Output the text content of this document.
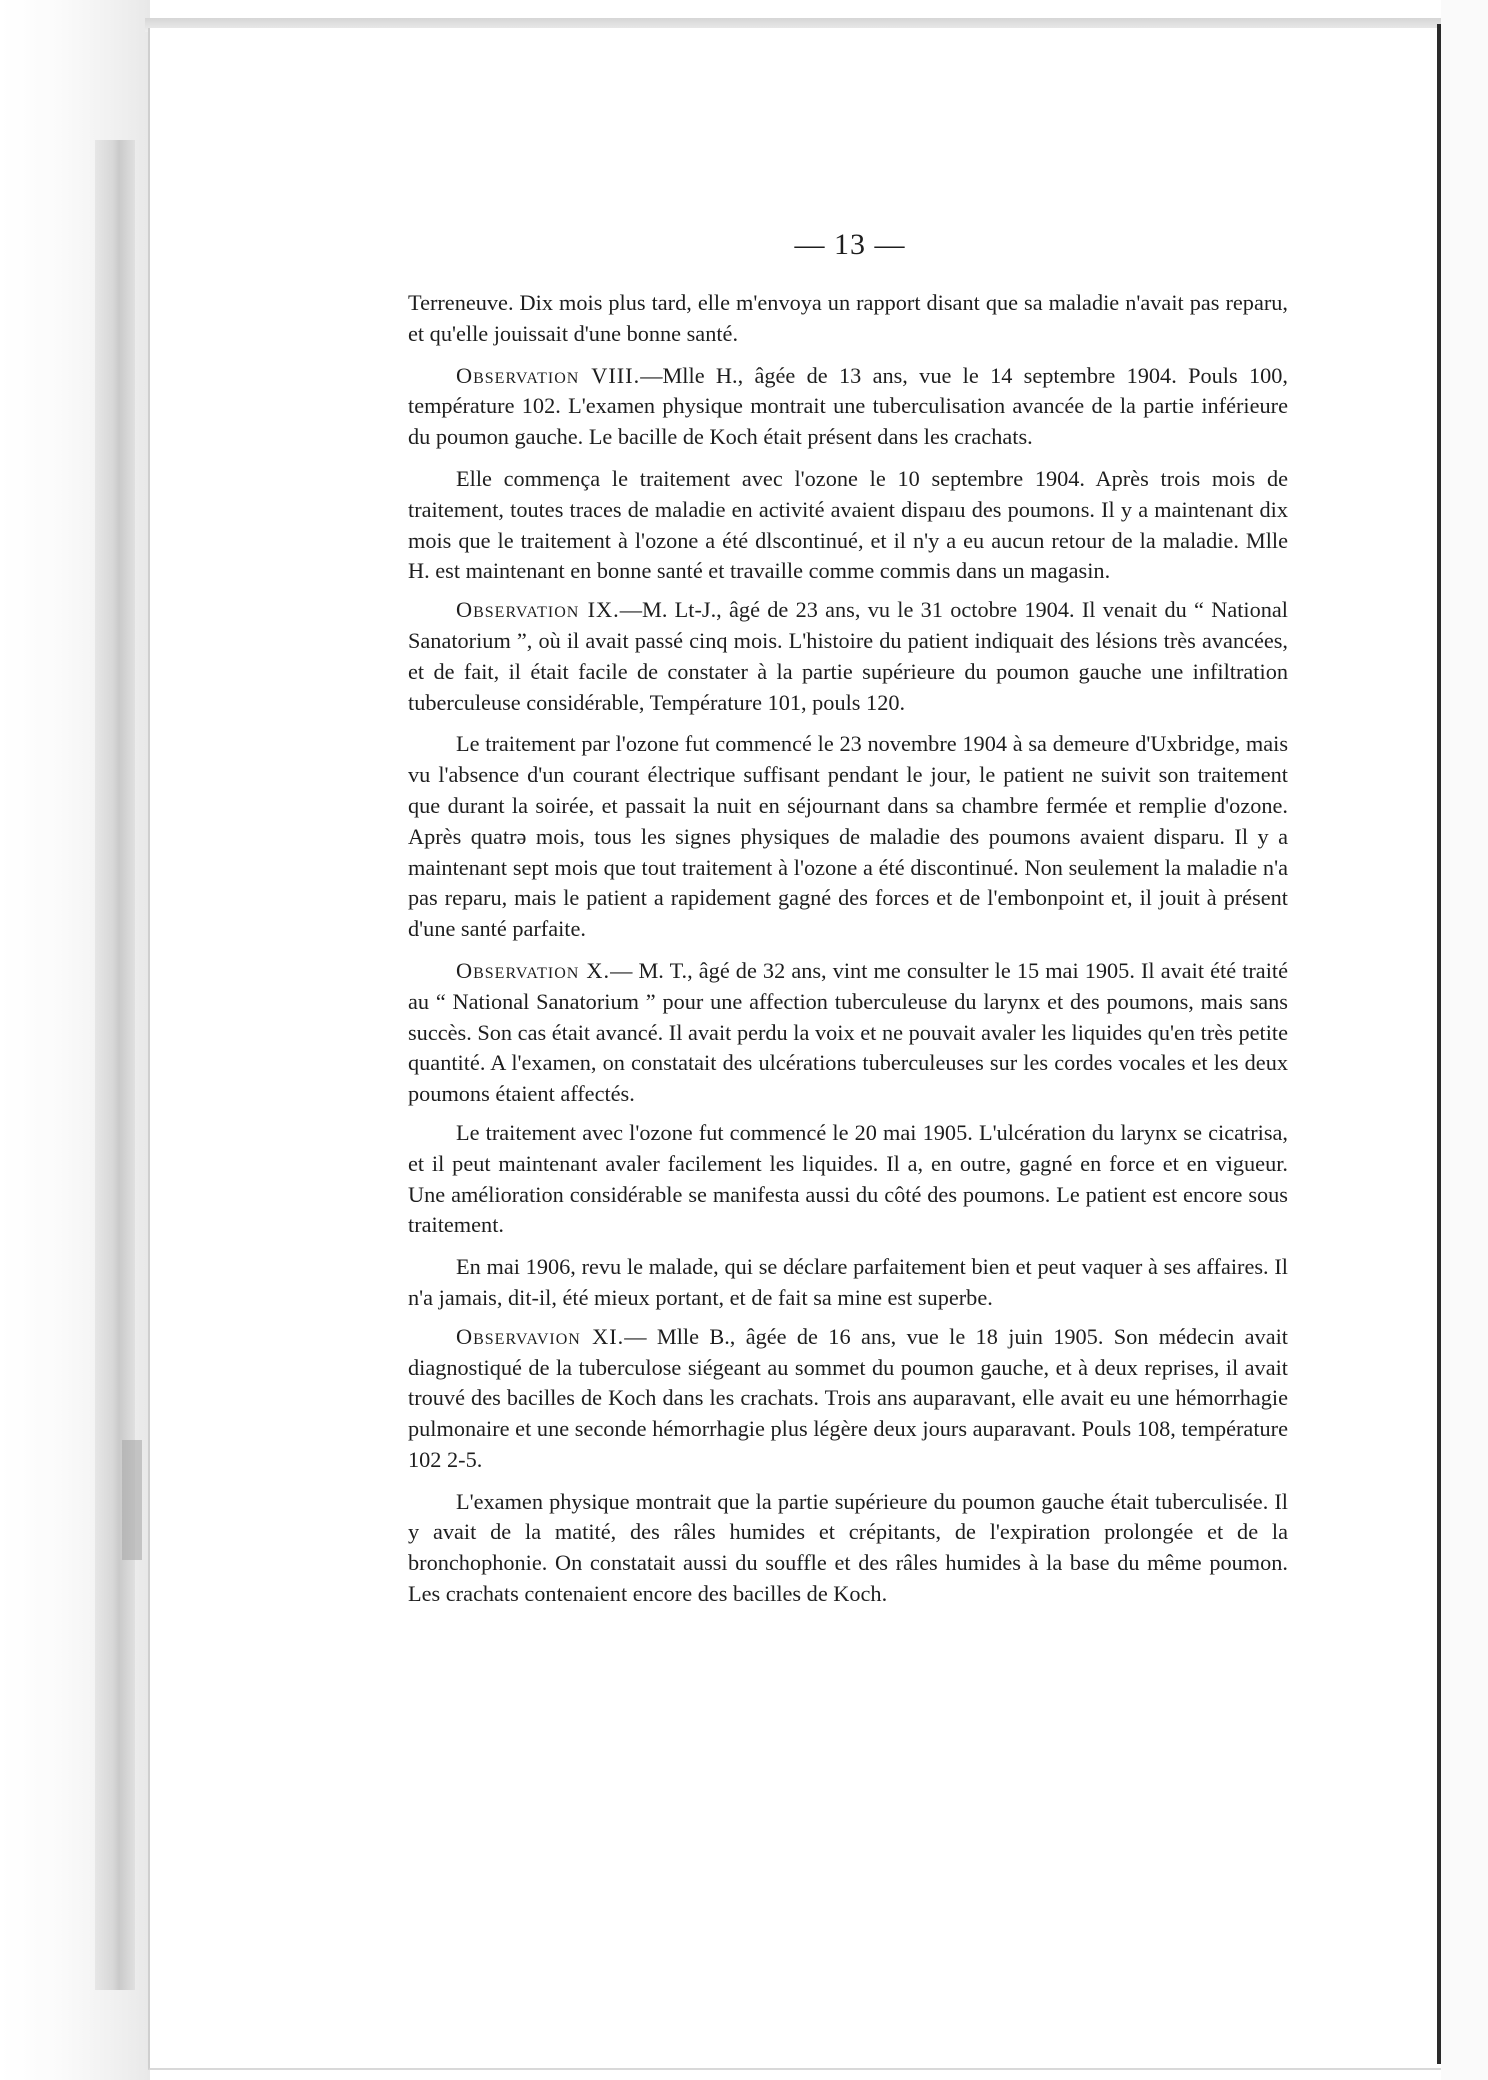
— 13 —

Terreneuve. Dix mois plus tard, elle m'envoya un rapport disant que sa maladie n'avait pas reparu, et qu'elle jouissait d'une bonne santé.

Observation VIII.—Mlle H., âgée de 13 ans, vue le 14 septembre 1904. Pouls 100, température 102. L'examen physique montrait une tuberculisation avancée de la partie inférieure du poumon gauche. Le bacille de Koch était présent dans les crachats.

Elle commença le traitement avec l'ozone le 10 septembre 1904. Après trois mois de traitement, toutes traces de maladie en activité avaient dispaıu des poumons. Il y a maintenant dix mois que le traitement à l'ozone a été dlscontinué, et il n'y a eu aucun retour de la maladie. Mlle H. est maintenant en bonne santé et travaille comme commis dans un magasin.

Observation IX.—M. Lt-J., âgé de 23 ans, vu le 31 octobre 1904. Il venait du “ National Sanatorium ”, où il avait passé cinq mois. L'histoire du patient indiquait des lésions très avancées, et de fait, il était facile de constater à la partie supérieure du poumon gauche une infiltration tuberculeuse considérable, Température 101, pouls 120.

Le traitement par l'ozone fut commencé le 23 novembre 1904 à sa demeure d'Uxbridge, mais vu l'absence d'un courant électrique suffisant pendant le jour, le patient ne suivit son traitement que durant la soirée, et passait la nuit en séjournant dans sa chambre fermée et remplie d'ozone. Après quatrə mois, tous les signes physiques de maladie des poumons avaient disparu. Il y a maintenant sept mois que tout traitement à l'ozone a été discontinué. Non seulement la maladie n'a pas reparu, mais le patient a rapidement gagné des forces et de l'embonpoint et, il jouit à présent d'une santé parfaite.

Observation X.— M. T., âgé de 32 ans, vint me consulter le 15 mai 1905. Il avait été traité au “ National Sanatorium ” pour une affection tuberculeuse du larynx et des poumons, mais sans succès. Son cas était avancé. Il avait perdu la voix et ne pouvait avaler les liquides qu'en très petite quantité. A l'examen, on constatait des ulcérations tuberculeuses sur les cordes vocales et les deux poumons étaient affectés.

Le traitement avec l'ozone fut commencé le 20 mai 1905. L'ulcération du larynx se cicatrisa, et il peut maintenant avaler facilement les liquides. Il a, en outre, gagné en force et en vigueur. Une amélioration considérable se manifesta aussi du côté des poumons. Le patient est encore sous traitement.

En mai 1906, revu le malade, qui se déclare parfaitement bien et peut vaquer à ses affaires. Il n'a jamais, dit-il, été mieux portant, et de fait sa mine est superbe.

Observavion XI.— Mlle B., âgée de 16 ans, vue le 18 juin 1905. Son médecin avait diagnostiqué de la tuberculose siégeant au sommet du poumon gauche, et à deux reprises, il avait trouvé des bacilles de Koch dans les crachats. Trois ans auparavant, elle avait eu une hémorrhagie pulmonaire et une seconde hémorrhagie plus légère deux jours auparavant. Pouls 108, température 102 2-5.

L'examen physique montrait que la partie supérieure du poumon gauche était tuberculisée. Il y avait de la matité, des râles humides et crépitants, de l'expiration prolongée et de la bronchophonie. On constatait aussi du souffle et des râles humides à la base du même poumon. Les crachats contenaient encore des bacilles de Koch.
